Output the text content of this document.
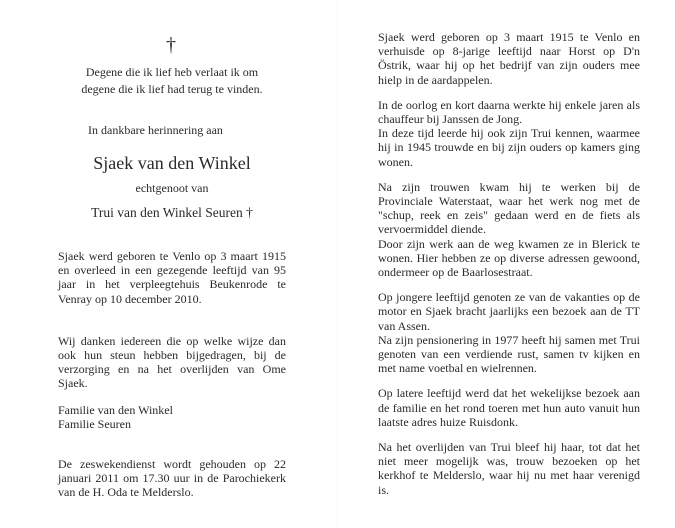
†
Degene die ik lief heb verlaat ik om
degene die ik lief had terug te vinden.
In dankbare herinnering aan
Sjaek van den Winkel
echtgenoot van
Trui van den Winkel Seuren †

Sjaek werd geboren te Venlo op 3 maart 1915 en overleed in een gezegende leeftijd van 95 jaar in het verpleegtehuis Beukenrode te Venray op 10 december 2010.

Wij danken iedereen die op welke wijze dan ook hun steun hebben bijgedragen, bij de verzorging en na het overlijden van Ome Sjaek.

Familie van den Winkel

Familie Seuren

De zeswekendienst wordt gehouden op 22 januari 2011 om 17.30 uur in de Parochiekerk van de H. Oda te Melderslo.

Sjaek werd geboren op 3 maart 1915 te Venlo en verhuisde op 8-jarige leeftijd naar Horst op D'n Östrik, waar hij op het bedrijf van zijn ouders mee hielp in de aardappelen.

In de oorlog en kort daarna werkte hij enkele jaren als chauffeur bij Janssen de Jong.

In deze tijd leerde hij ook zijn Trui kennen, waarmee hij in 1945 trouwde en bij zijn ouders op kamers ging wonen.

Na zijn trouwen kwam hij te werken bij de Provinciale Waterstaat, waar het werk nog met de "schup, reek en zeis" gedaan werd en de fiets als vervoermiddel diende.

Door zijn werk aan de weg kwamen ze in Blerick te wonen. Hier hebben ze op diverse adressen gewoond, ondermeer op de Baarlosestraat.

Op jongere leeftijd genoten ze van de vakanties op de motor en Sjaek bracht jaarlijks een bezoek aan de TT van Assen.

Na zijn pensionering in 1977 heeft hij samen met Trui genoten van een verdiende rust, samen tv kijken en met name voetbal en wielrennen.

Op latere leeftijd werd dat het wekelijkse bezoek aan de familie en het rond toeren met hun auto vanuit hun laatste adres huize Ruisdonk.

Na het overlijden van Trui bleef hij haar, tot dat het niet meer mogelijk was, trouw bezoeken op het kerkhof te Melderslo, waar hij nu met haar verenigd is.
